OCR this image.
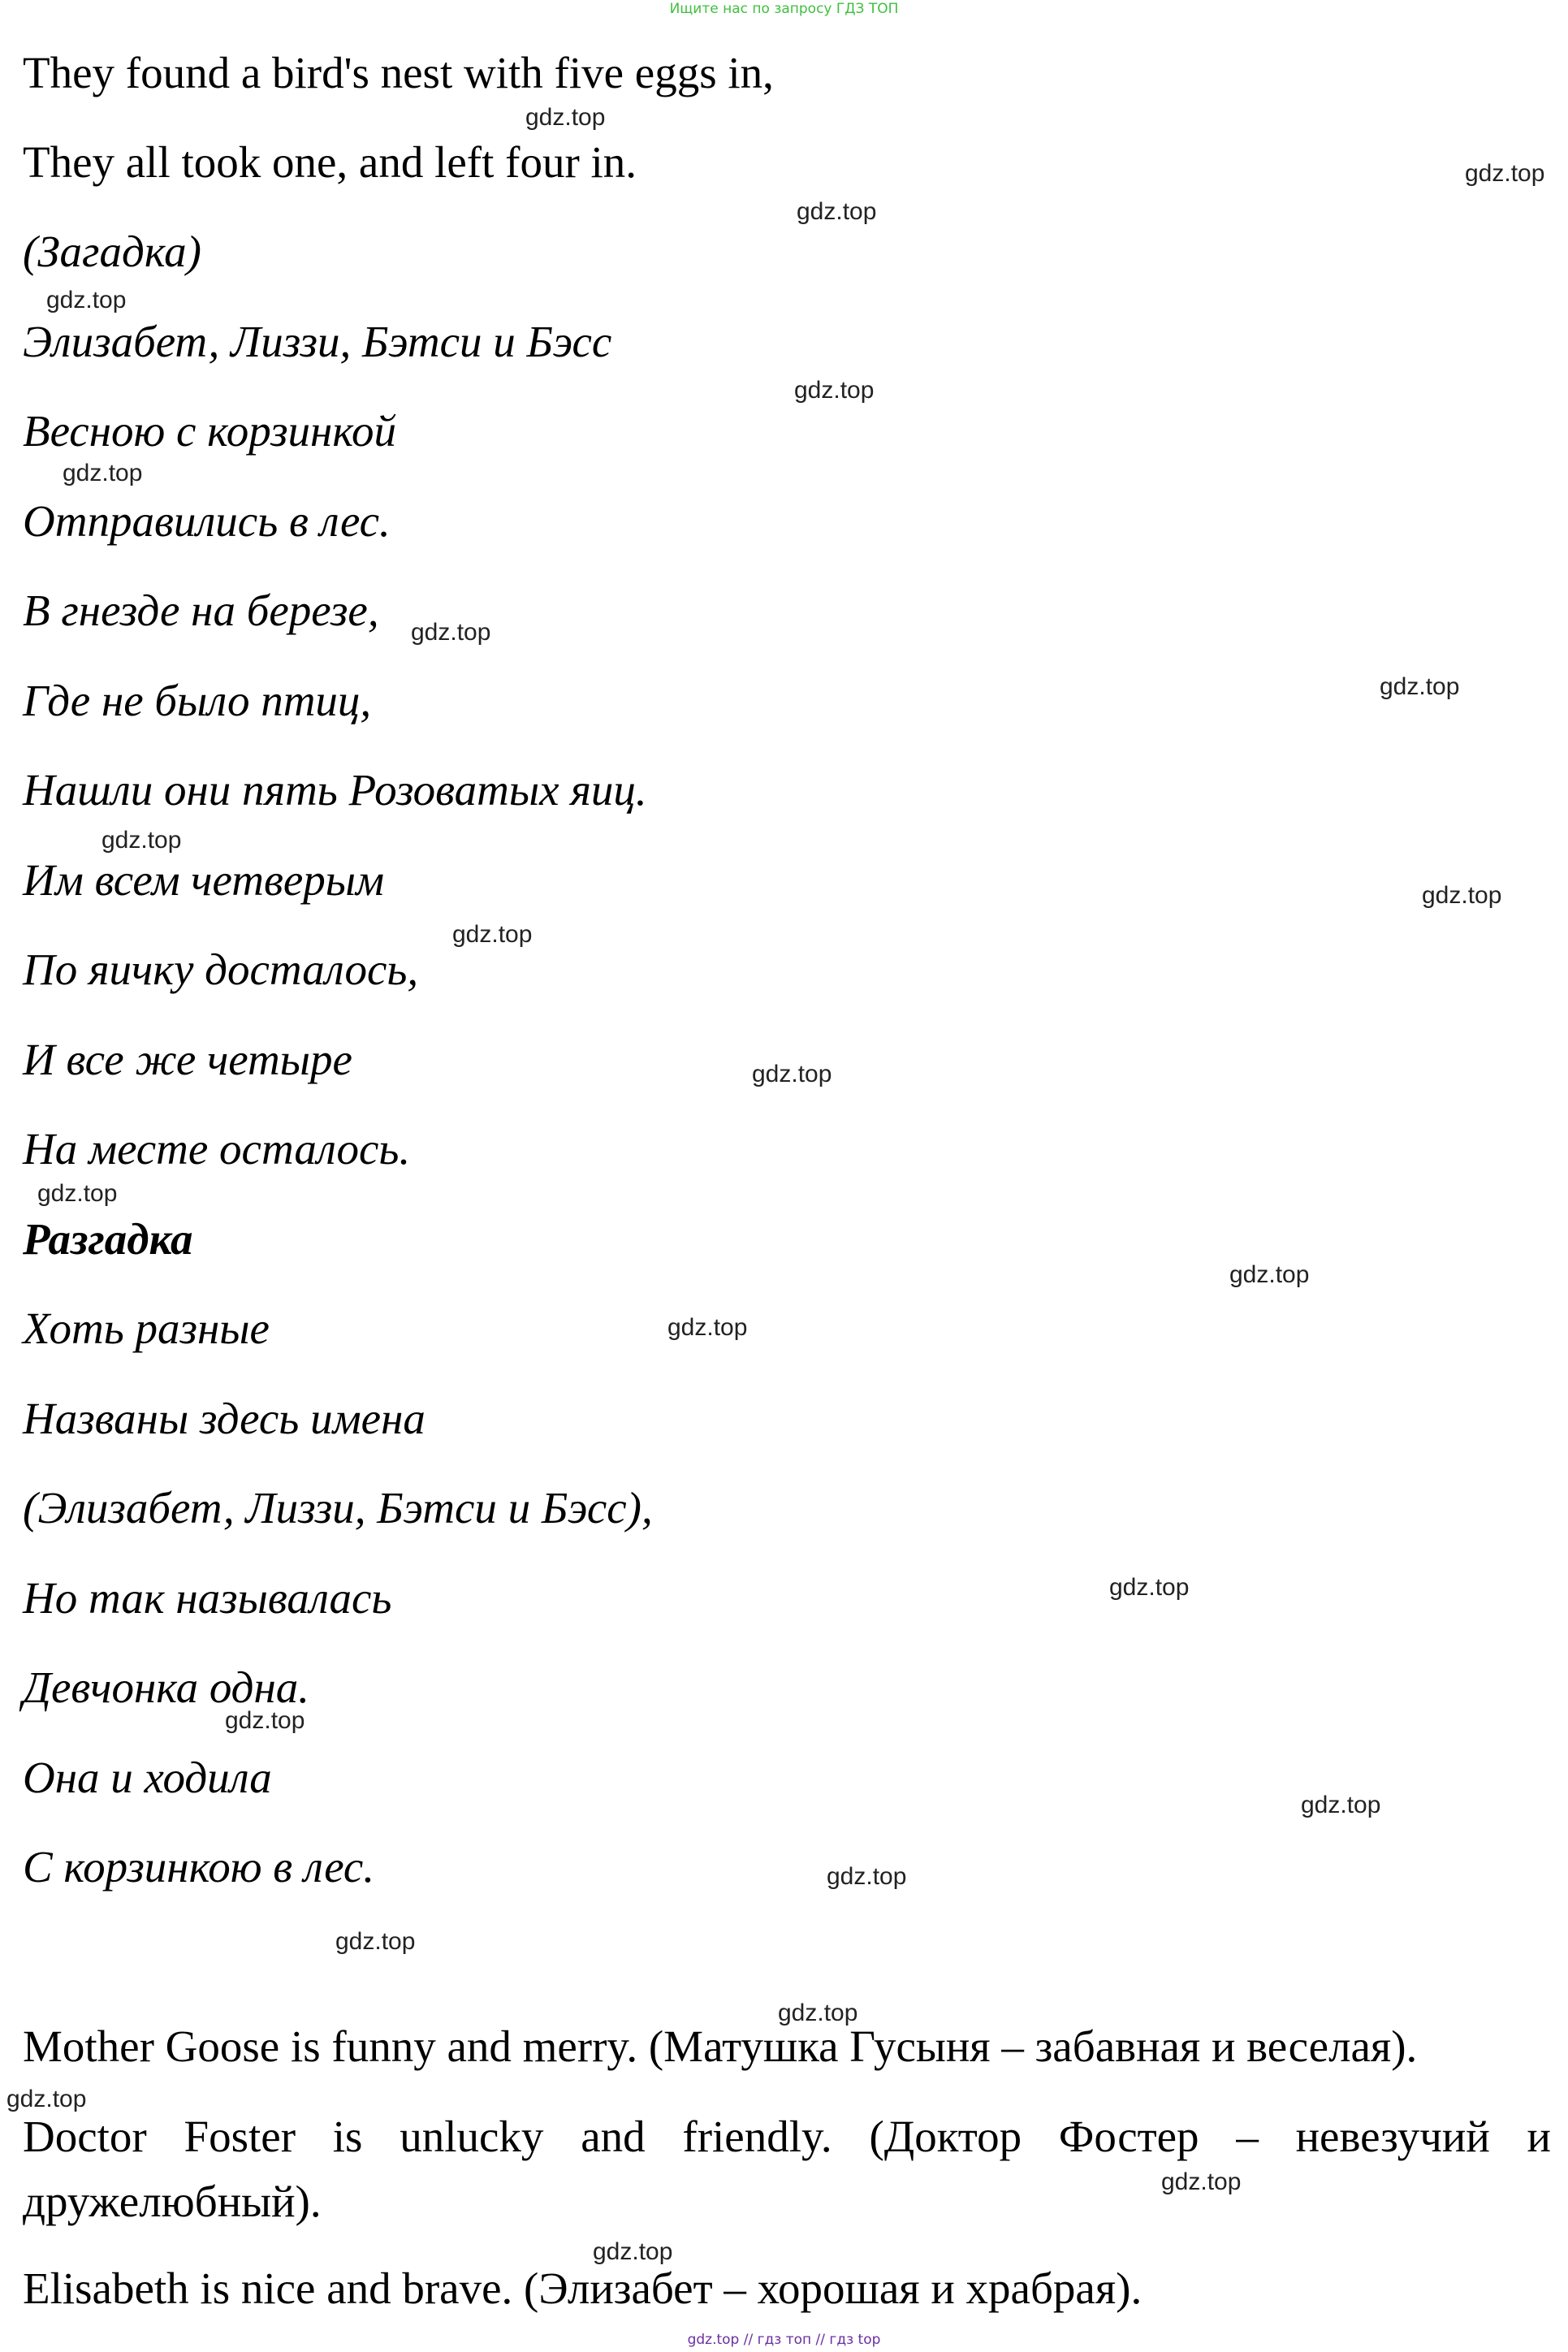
Ищите нас по запросу ГДЗ ТОП
They found a bird's nest with five eggs in,
They all took one, and left four in.
(Загадка)
Элизабет, Лиззи, Бэтси и Бэсс
Весною с корзинкой
Отправились в лес.
В гнезде на березе,
Где не было птиц,
Нашли они пять Розоватых яиц.
Им всем четверым
По яичку досталось,
И все же четыре
На месте осталось.
Разгадка
Хоть разные
Названы здесь имена
(Элизабет, Лиззи, Бэтси и Бэсс),
Но так называлась
Девчонка одна.
Она и ходила
С корзинкою в лес.
Mother Goose is funny and merry. (Матушка Гусыня – забавная и веселая).
Doctor Foster is unlucky and friendly. (Доктор Фостер – невезучий и
дружелюбный).
Elisabeth is nice and brave. (Элизабет – хорошая и храбрая).
gdz.top
gdz.top
gdz.top
gdz.top
gdz.top
gdz.top
gdz.top
gdz.top
gdz.top
gdz.top
gdz.top
gdz.top
gdz.top
gdz.top
gdz.top
gdz.top
gdz.top
gdz.top
gdz.top
gdz.top
gdz.top
gdz.top
gdz.top
gdz.top
gdz.top // гдз топ // гдз top
